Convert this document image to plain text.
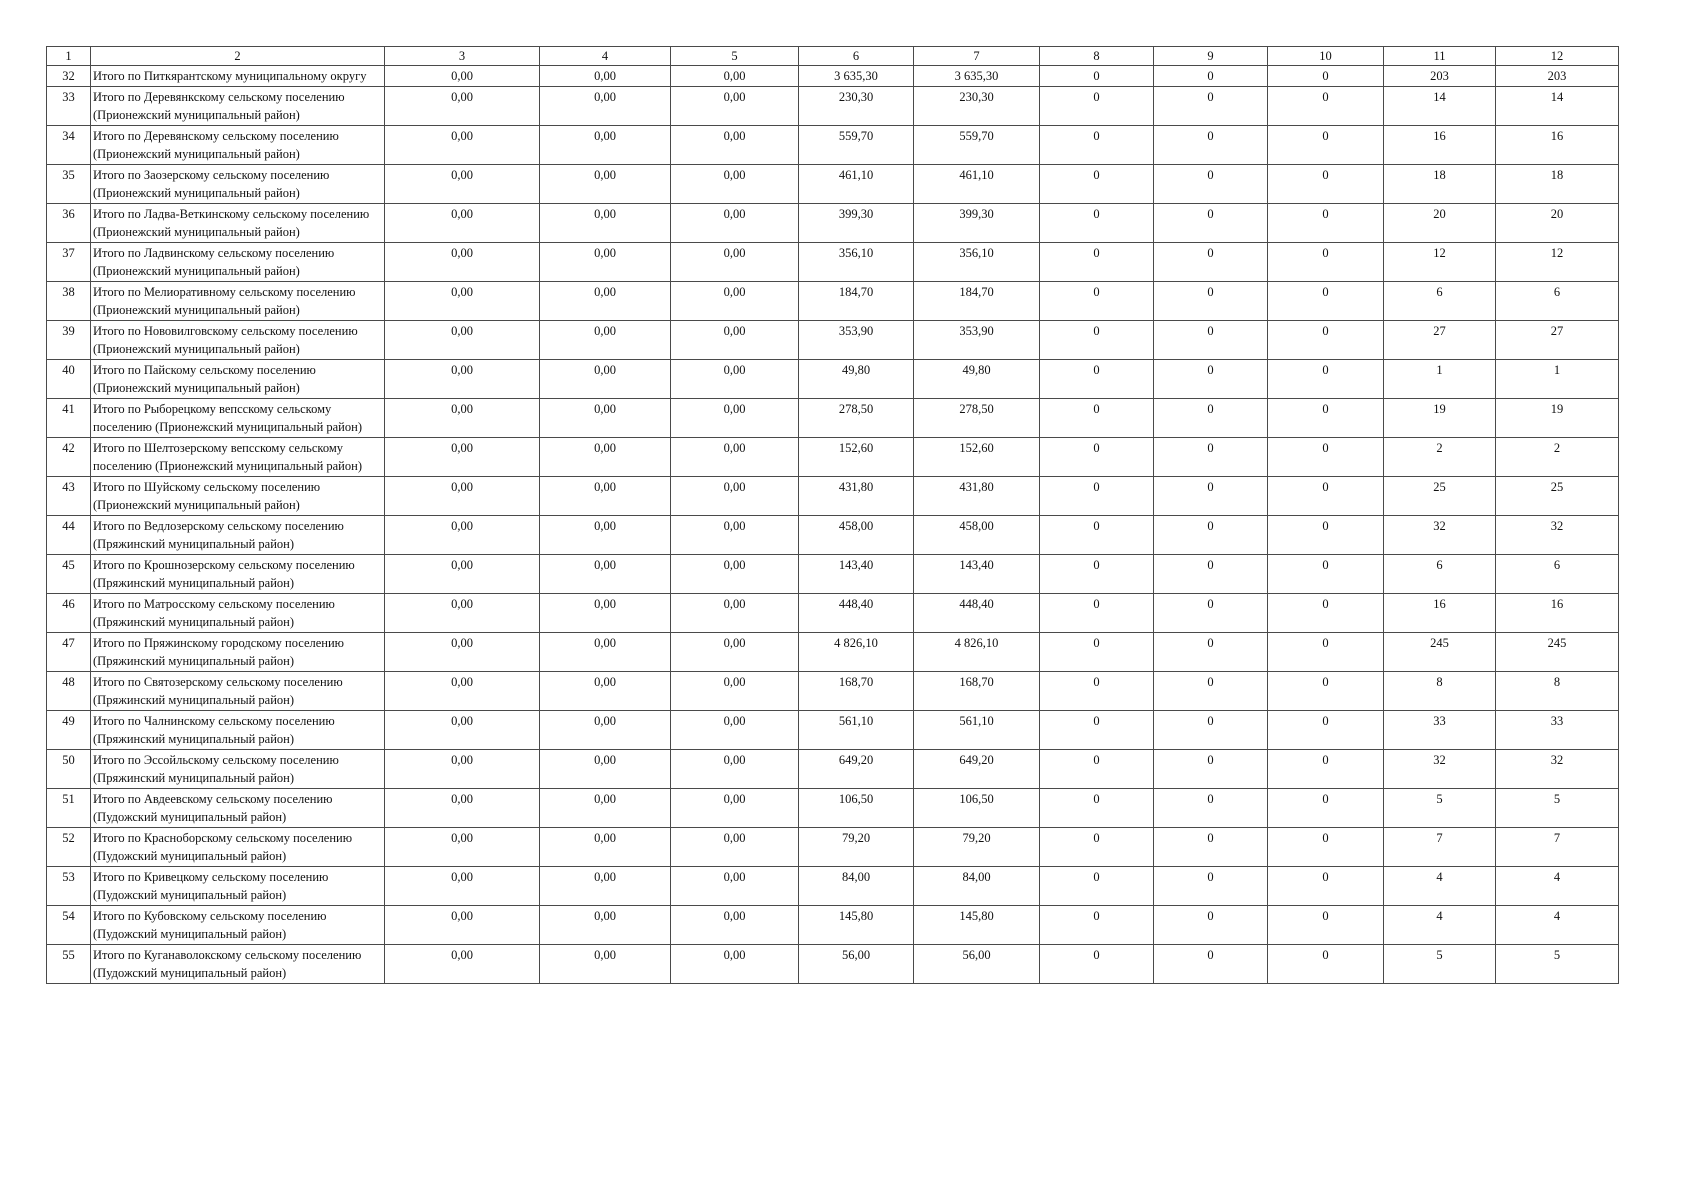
1	2	3	4	5	6	7	8	9	10	11	12
32	Итого по Питкярантскому муниципальному округу	0,00	0,00	0,00	3 635,30	3 635,30	0	0	0	203	203
33	Итого по Деревянкскому сельскому поселению (Прионежский муниципальный район)	0,00	0,00	0,00	230,30	230,30	0	0	0	14	14
34	Итого по Деревянскому сельскому поселению (Прионежский муниципальный район)	0,00	0,00	0,00	559,70	559,70	0	0	0	16	16
35	Итого по Заозерскому сельскому поселению (Прионежский муниципальный район)	0,00	0,00	0,00	461,10	461,10	0	0	0	18	18
36	Итого по Ладва-Веткинскому сельскому поселению (Прионежский муниципальный район)	0,00	0,00	0,00	399,30	399,30	0	0	0	20	20
37	Итого по Ладвинскому сельскому поселению (Прионежский муниципальный район)	0,00	0,00	0,00	356,10	356,10	0	0	0	12	12
38	Итого по Мелиоративному сельскому поселению (Прионежский муниципальный район)	0,00	0,00	0,00	184,70	184,70	0	0	0	6	6
39	Итого по Нововилговскому сельскому поселению (Прионежский муниципальный район)	0,00	0,00	0,00	353,90	353,90	0	0	0	27	27
40	Итого по Пайскому сельскому поселению (Прионежский муниципальный район)	0,00	0,00	0,00	49,80	49,80	0	0	0	1	1
41	Итого по Рыборецкому вепсскому сельскому поселению (Прионежский муниципальный район)	0,00	0,00	0,00	278,50	278,50	0	0	0	19	19
42	Итого по Шелтозерскому вепсскому сельскому поселению (Прионежский муниципальный район)	0,00	0,00	0,00	152,60	152,60	0	0	0	2	2
43	Итого по Шуйскому сельскому поселению (Прионежский муниципальный район)	0,00	0,00	0,00	431,80	431,80	0	0	0	25	25
44	Итого по Ведлозерскому сельскому поселению (Пряжинский муниципальный район)	0,00	0,00	0,00	458,00	458,00	0	0	0	32	32
45	Итого по Крошнозерскому сельскому поселению (Пряжинский муниципальный район)	0,00	0,00	0,00	143,40	143,40	0	0	0	6	6
46	Итого по Матросскому сельскому поселению (Пряжинский муниципальный район)	0,00	0,00	0,00	448,40	448,40	0	0	0	16	16
47	Итого по Пряжинскому городскому поселению (Пряжинский муниципальный район)	0,00	0,00	0,00	4 826,10	4 826,10	0	0	0	245	245
48	Итого по Святозерскому сельскому поселению (Пряжинский муниципальный район)	0,00	0,00	0,00	168,70	168,70	0	0	0	8	8
49	Итого по Чалнинскому сельскому поселению (Пряжинский муниципальный район)	0,00	0,00	0,00	561,10	561,10	0	0	0	33	33
50	Итого по Эссойльскому сельскому поселению (Пряжинский муниципальный район)	0,00	0,00	0,00	649,20	649,20	0	0	0	32	32
51	Итого по Авдеевскому сельскому поселению (Пудожский муниципальный район)	0,00	0,00	0,00	106,50	106,50	0	0	0	5	5
52	Итого по Красноборскому сельскому поселению (Пудожский муниципальный район)	0,00	0,00	0,00	79,20	79,20	0	0	0	7	7
53	Итого по Кривецкому сельскому поселению (Пудожский муниципальный район)	0,00	0,00	0,00	84,00	84,00	0	0	0	4	4
54	Итого по Кубовскому сельскому поселению (Пудожский муниципальный район)	0,00	0,00	0,00	145,80	145,80	0	0	0	4	4
55	Итого по Куганаволокскому сельскому поселению (Пудожский муниципальный район)	0,00	0,00	0,00	56,00	56,00	0	0	0	5	5
